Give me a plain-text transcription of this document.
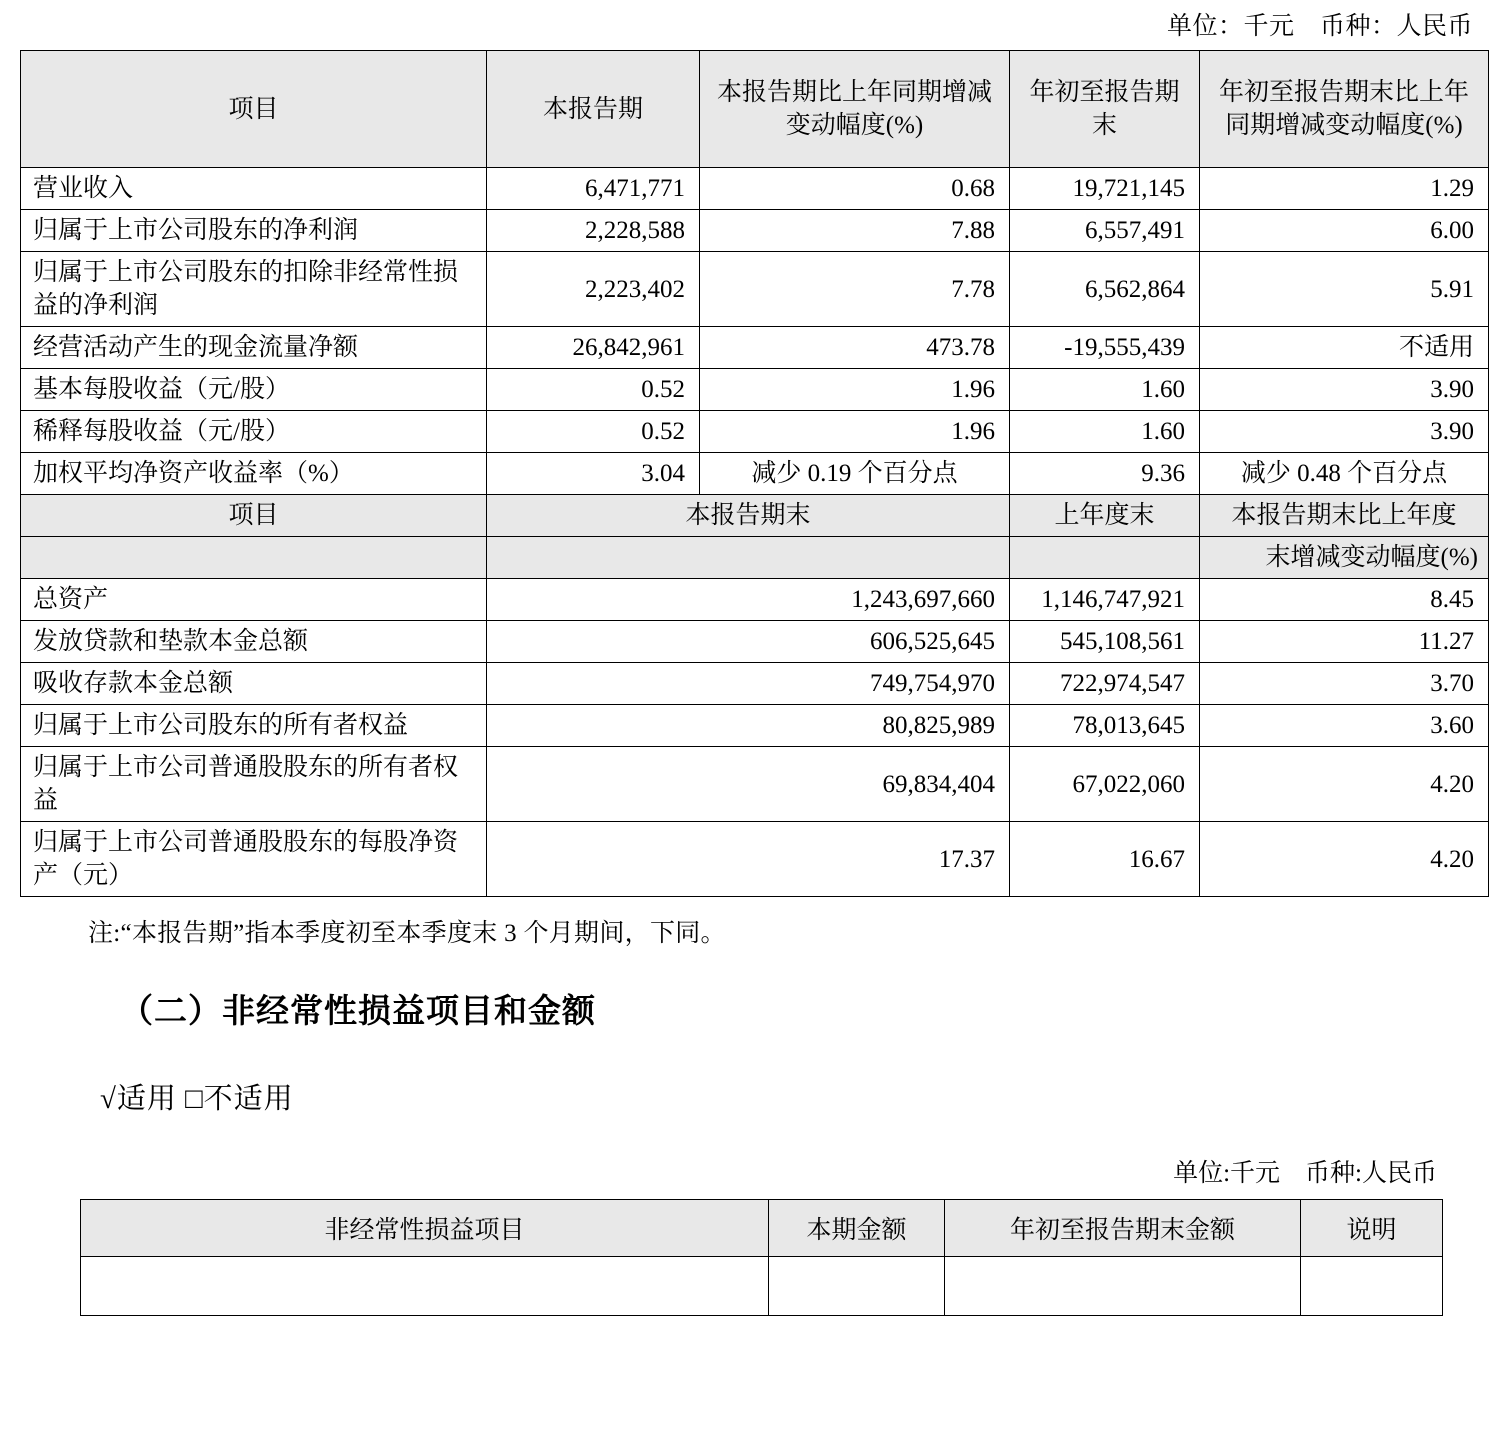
单位：千元　币种：人民币
项目	本报告期	本报告期比上年同期增减变动幅度(%)	年初至报告期末	年初至报告期末比上年同期增减变动幅度(%)
营业收入	6,471,771	0.68	19,721,145	1.29
归属于上市公司股东的净利润	2,228,588	7.88	6,557,491	6.00
归属于上市公司股东的扣除非经常性损益的净利润	2,223,402	7.78	6,562,864	5.91
经营活动产生的现金流量净额	26,842,961	473.78	-19,555,439	不适用
基本每股收益（元/股）	0.52	1.96	1.60	3.90
稀释每股收益（元/股）	0.52	1.96	1.60	3.90
加权平均净资产收益率（%）	3.04	减少 0.19 个百分点	9.36	减少 0.48 个百分点
项目	本报告期末		上年度末	本报告期末比上年度
				末增减变动幅度(%)
总资产	1,243,697,660		1,146,747,921	8.45
发放贷款和垫款本金总额	606,525,645		545,108,561	11.27
吸收存款本金总额	749,754,970		722,974,547	3.70
归属于上市公司股东的所有者权益	80,825,989		78,013,645	3.60
归属于上市公司普通股股东的所有者权益	69,834,404		67,022,060	4.20
归属于上市公司普通股股东的每股净资产（元）	17.37		16.67	4.20
注:“本报告期”指本季度初至本季度末 3 个月期间，下同。
（二）非经常性损益项目和金额
√适用 □不适用
单位:千元　币种:人民币
非经常性损益项目	本期金额	年初至报告期末金额	说明
